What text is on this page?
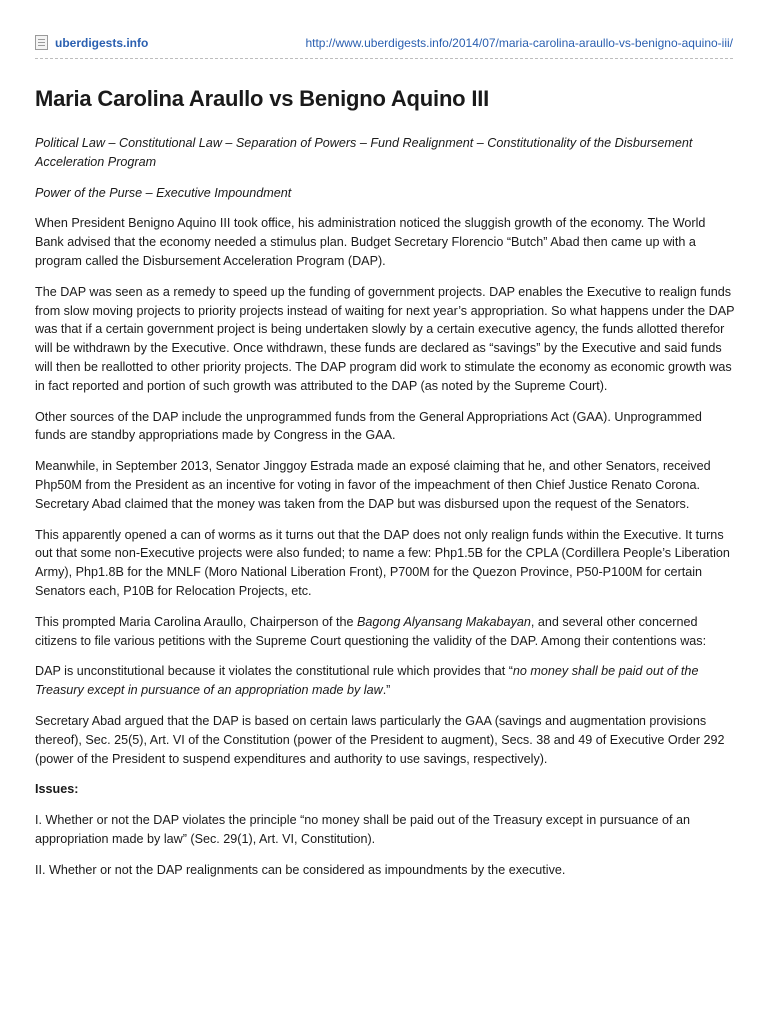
uberdigests.info	http://www.uberdigests.info/2014/07/maria-carolina-araullo-vs-benigno-aquino-iii/
Maria Carolina Araullo vs Benigno Aquino III

Political Law – Constitutional Law – Separation of Powers – Fund Realignment – Constitutionality of the Disbursement Acceleration Program

Power of the Purse – Executive Impoundment

When President Benigno Aquino III took office, his administration noticed the sluggish growth of the economy. The World Bank advised that the economy needed a stimulus plan. Budget Secretary Florencio “Butch” Abad then came up with a program called the Disbursement Acceleration Program (DAP).

The DAP was seen as a remedy to speed up the funding of government projects. DAP enables the Executive to realign funds from slow moving projects to priority projects instead of waiting for next year’s appropriation. So what happens under the DAP was that if a certain government project is being undertaken slowly by a certain executive agency, the funds allotted therefor will be withdrawn by the Executive. Once withdrawn, these funds are declared as “savings” by the Executive and said funds will then be reallotted to other priority projects. The DAP program did work to stimulate the economy as economic growth was in fact reported and portion of such growth was attributed to the DAP (as noted by the Supreme Court).

Other sources of the DAP include the unprogrammed funds from the General Appropriations Act (GAA). Unprogrammed funds are standby appropriations made by Congress in the GAA.

Meanwhile, in September 2013, Senator Jinggoy Estrada made an exposé claiming that he, and other Senators, received Php50M from the President as an incentive for voting in favor of the impeachment of then Chief Justice Renato Corona. Secretary Abad claimed that the money was taken from the DAP but was disbursed upon the request of the Senators.

This apparently opened a can of worms as it turns out that the DAP does not only realign funds within the Executive. It turns out that some non-Executive projects were also funded; to name a few: Php1.5B for the CPLA (Cordillera People’s Liberation Army), Php1.8B for the MNLF (Moro National Liberation Front), P700M for the Quezon Province, P50-P100M for certain Senators each, P10B for Relocation Projects, etc.

This prompted Maria Carolina Araullo, Chairperson of the Bagong Alyansang Makabayan, and several other concerned citizens to file various petitions with the Supreme Court questioning the validity of the DAP. Among their contentions was:

DAP is unconstitutional because it violates the constitutional rule which provides that “no money shall be paid out of the Treasury except in pursuance of an appropriation made by law.”

Secretary Abad argued that the DAP is based on certain laws particularly the GAA (savings and augmentation provisions thereof), Sec. 25(5), Art. VI of the Constitution (power of the President to augment), Secs. 38 and 49 of Executive Order 292 (power of the President to suspend expenditures and authority to use savings, respectively).

Issues:

I. Whether or not the DAP violates the principle “no money shall be paid out of the Treasury except in pursuance of an appropriation made by law” (Sec. 29(1), Art. VI, Constitution).

II. Whether or not the DAP realignments can be considered as impoundments by the executive.
